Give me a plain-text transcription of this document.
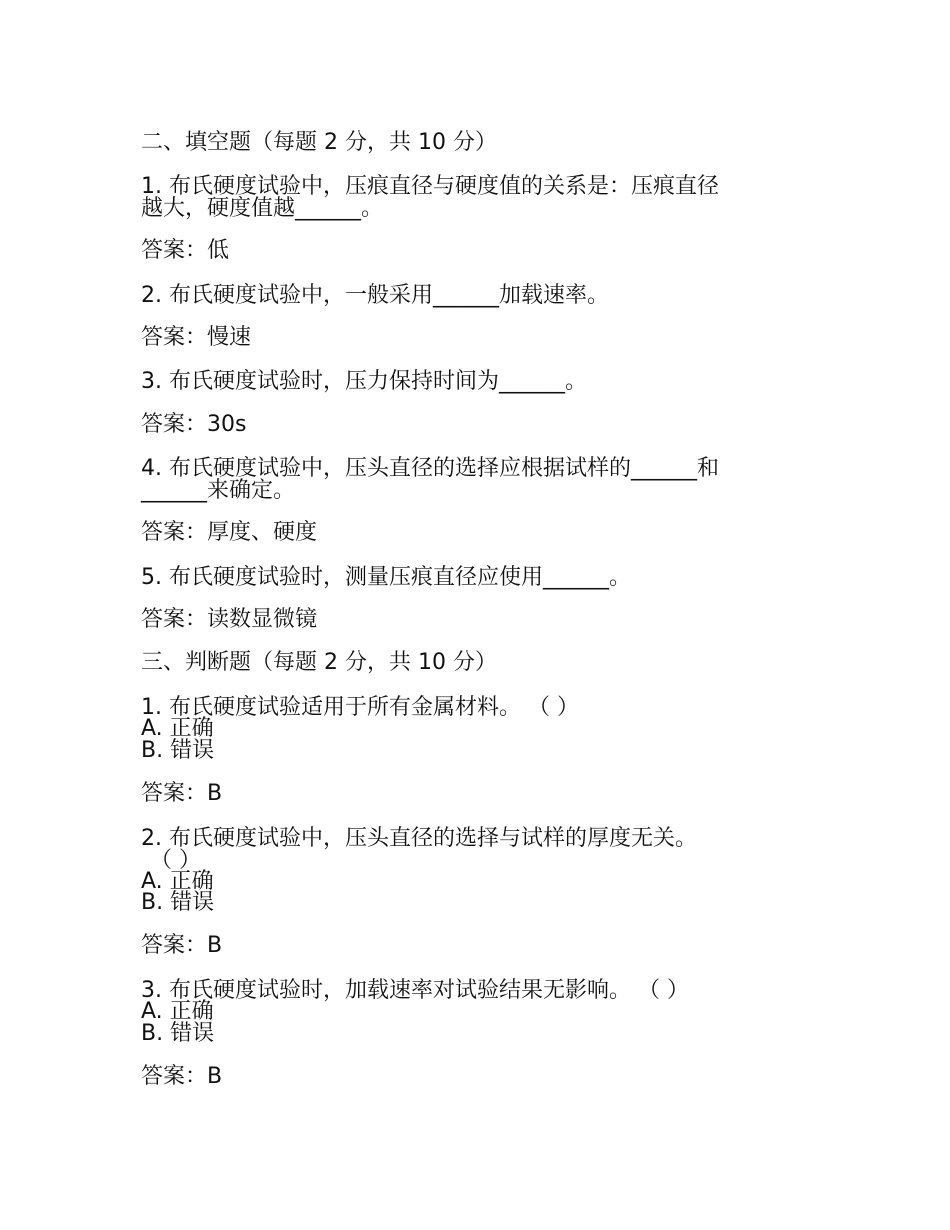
二、填空题（每题 2 分，共 10 分）

1. 布氏硬度试验中，压痕直径与硬度值的关系是：压痕直径

越大，硬度值越______。

答案：低

2. 布氏硬度试验中，一般采用______加载速率。

答案：慢速

3. 布氏硬度试验时，压力保持时间为______。

答案：30s

4. 布氏硬度试验中，压头直径的选择应根据试样的______和

______来确定。

答案：厚度、硬度

5. 布氏硬度试验时，测量压痕直径应使用______。

答案：读数显微镜

三、判断题（每题 2 分，共 10 分）

1. 布氏硬度试验适用于所有金属材料。 （ ）

A. 正确

B. 错误

答案：B

2. 布氏硬度试验中，压头直径的选择与试样的厚度无关。

（ ）

A. 正确

B. 错误

答案：B

3. 布氏硬度试验时，加载速率对试验结果无影响。 （ ）

A. 正确

B. 错误

答案：B
